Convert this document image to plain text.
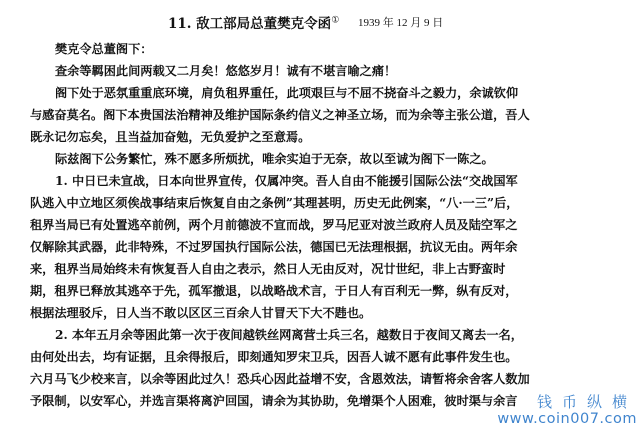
11. 敌工部局总董樊克令函① 1939 年 12 月 9 日
樊克令总董阁下：
查余等羁困此间两载又二月矣！悠悠岁月！诚有不堪言喻之痛！
阁下处于恶氛重重底环境，肩负租界重任，此项艰巨与不屈不挠奋斗之毅力，余诚钦仰
与感奋莫名。阁下本贵国法治精神及维护国际条约信义之神圣立场，而为余等主张公道，吾人
既永记勿忘矣，且当益加奋勉，无负爱护之至意焉。
际兹阁下公务繁忙，殊不愿多所烦扰，唯余实迫于无奈，故以至诚为阁下一陈之。
1. 中日已未宣战，日本向世界宣传，仅属冲突。吾人自由不能援引国际公法“交战国军
队逃入中立地区须俟战事结束后恢复自由之条例”其理甚明，历史无此例案，“八·一三”后，
租界当局已有处置逃卒前例，两个月前德波不宣而战，罗马尼亚对波兰政府人员及陆空军之
仅解除其武器，此非特殊，不过罗国执行国际公法，德国已无法理根据，抗议无由。两年余
来，租界当局始终未有恢复吾人自由之表示，然日人无由反对，况廿世纪，非上古野蛮时
期，租界已释放其逃卒于先，孤军撤退，以战略战术言，于日人有百利无一弊，纵有反对，
根据法理驳斥，日人当不敢以区区三百余人甘冒天下大不韪也。
2. 本年五月余等困此第一次于夜间越铁丝网离营士兵三名，越数日于夜间又离去一名，
由何处出去，均有证据，且余得报后，即刻通知罗宋卫兵，因吾人诚不愿有此事件发生也。
六月马飞少校来言，以余等困此过久！恐兵心因此益增不安，含恩效法，请暂将余舍客人数加
予限制，以安军心，并选言渠将离沪回国，请余为其协助，免增渠个人困难，彼时渠与余言	钱币纵横
www.coin007.com
